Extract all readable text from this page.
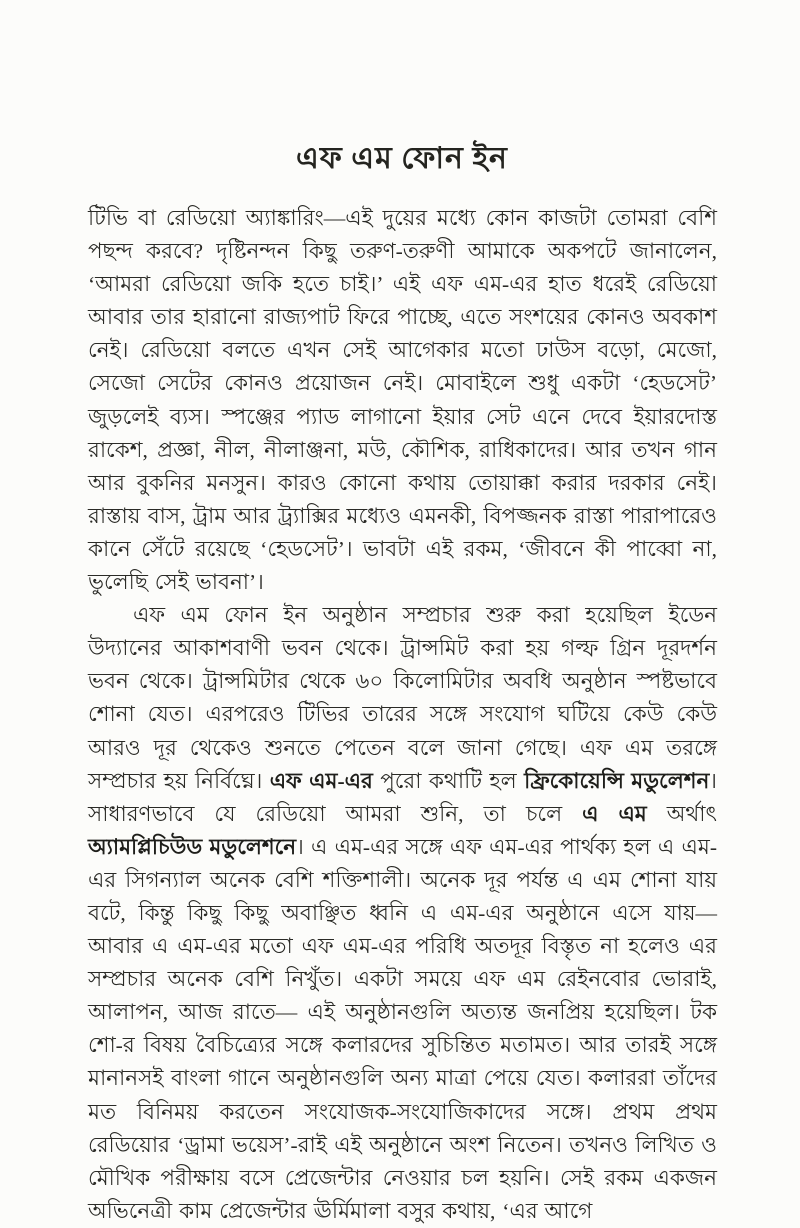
এফ এম ফোন ইন

টিভি বা রেডিয়ো অ্যাঙ্কারিং—এই দুয়ের মধ্যে কোন কাজটা তোমরা বেশি পছন্দ করবে? দৃষ্টিনন্দন কিছু তরুণ-তরুণী আমাকে অকপটে জানালেন, ‘আমরা রেডিয়ো জকি হতে চাই।’ এই এফ এম-এর হাত ধরেই রেডিয়ো আবার তার হারানো রাজ্যপাট ফিরে পাচ্ছে, এতে সংশয়ের কোনও অবকাশ নেই। রেডিয়ো বলতে এখন সেই আগেকার মতো ঢাউস বড়ো, মেজো, সেজো সেটের কোনও প্রয়োজন নেই। মোবাইলে শুধু একটা ‘হেডসেট’ জুড়লেই ব্যস। স্পঞ্জের প্যাড লাগানো ইয়ার সেট এনে দেবে ইয়ারদোস্ত রাকেশ, প্রজ্ঞা, নীল, নীলাঞ্জনা, মউ, কৌশিক, রাধিকাদের। আর তখন গান আর বুকনির মনসুন। কারও কোনো কথায় তোয়াক্কা করার দরকার নেই। রাস্তায় বাস, ট্রাম আর ট্র্যাক্সির মধ্যেও এমনকী, বিপজ্জনক রাস্তা পারাপারেও কানে সেঁটে রয়েছে ‘হেডসেট’। ভাবটা এই রকম, ‘জীবনে কী পাব্বো না, ভুলেছি সেই ভাবনা’।

এফ এম ফোন ইন অনুষ্ঠান সম্প্রচার শুরু করা হয়েছিল ইডেন উদ্যানের আকাশবাণী ভবন থেকে। ট্রান্সমিট করা হয় গল্ফ গ্রিন দূরদর্শন ভবন থেকে। ট্রান্সমিটার থেকে ৬০ কিলোমিটার অবধি অনুষ্ঠান স্পষ্টভাবে শোনা যেত। এরপরেও টিভির তারের সঙ্গে সংযোগ ঘটিয়ে কেউ কেউ আরও দূর থেকেও শুনতে পেতেন বলে জানা গেছে। এফ এম তরঙ্গে সম্প্রচার হয় নির্বিঘ্নে। এফ এম-এর পুরো কথাটি হল ফ্রিকোয়েন্সি মডুলেশন। সাধারণভাবে যে রেডিয়ো আমরা শুনি, তা চলে এ এম অর্থাৎ অ্যামপ্লিচিউড মডুলেশনে। এ এম-এর সঙ্গে এফ এম-এর পার্থক্য হল এ এম-এর সিগন্যাল অনেক বেশি শক্তিশালী। অনেক দূর পর্যন্ত এ এম শোনা যায় বটে, কিন্তু কিছু কিছু অবাঞ্ছিত ধ্বনি এ এম-এর অনুষ্ঠানে এসে যায়— আবার এ এম-এর মতো এফ এম-এর পরিধি অতদূর বিস্তৃত না হলেও এর সম্প্রচার অনেক বেশি নিখুঁত। একটা সময়ে এফ এম রেইনবোর ভোরাই, আলাপন, আজ রাতে— এই অনুষ্ঠানগুলি অত্যন্ত জনপ্রিয় হয়েছিল। টক শো-র বিষয় বৈচিত্র্যের সঙ্গে কলারদের সুচিন্তিত মতামত। আর তারই সঙ্গে মানানসই বাংলা গানে অনুষ্ঠানগুলি অন্য মাত্রা পেয়ে যেত। কলাররা তাঁদের মত বিনিময় করতেন সংযোজক-সংযোজিকাদের সঙ্গে। প্রথম প্রথম রেডিয়োর ‘ড্রামা ভয়েস’-রাই এই অনুষ্ঠানে অংশ নিতেন। তখনও লিখিত ও মৌখিক পরীক্ষায় বসে প্রেজেন্টার নেওয়ার চল হয়নি। সেই রকম একজন অভিনেত্রী কাম প্রেজেন্টার ঊর্মিমালা বসুর কথায়, ‘এর আগে
